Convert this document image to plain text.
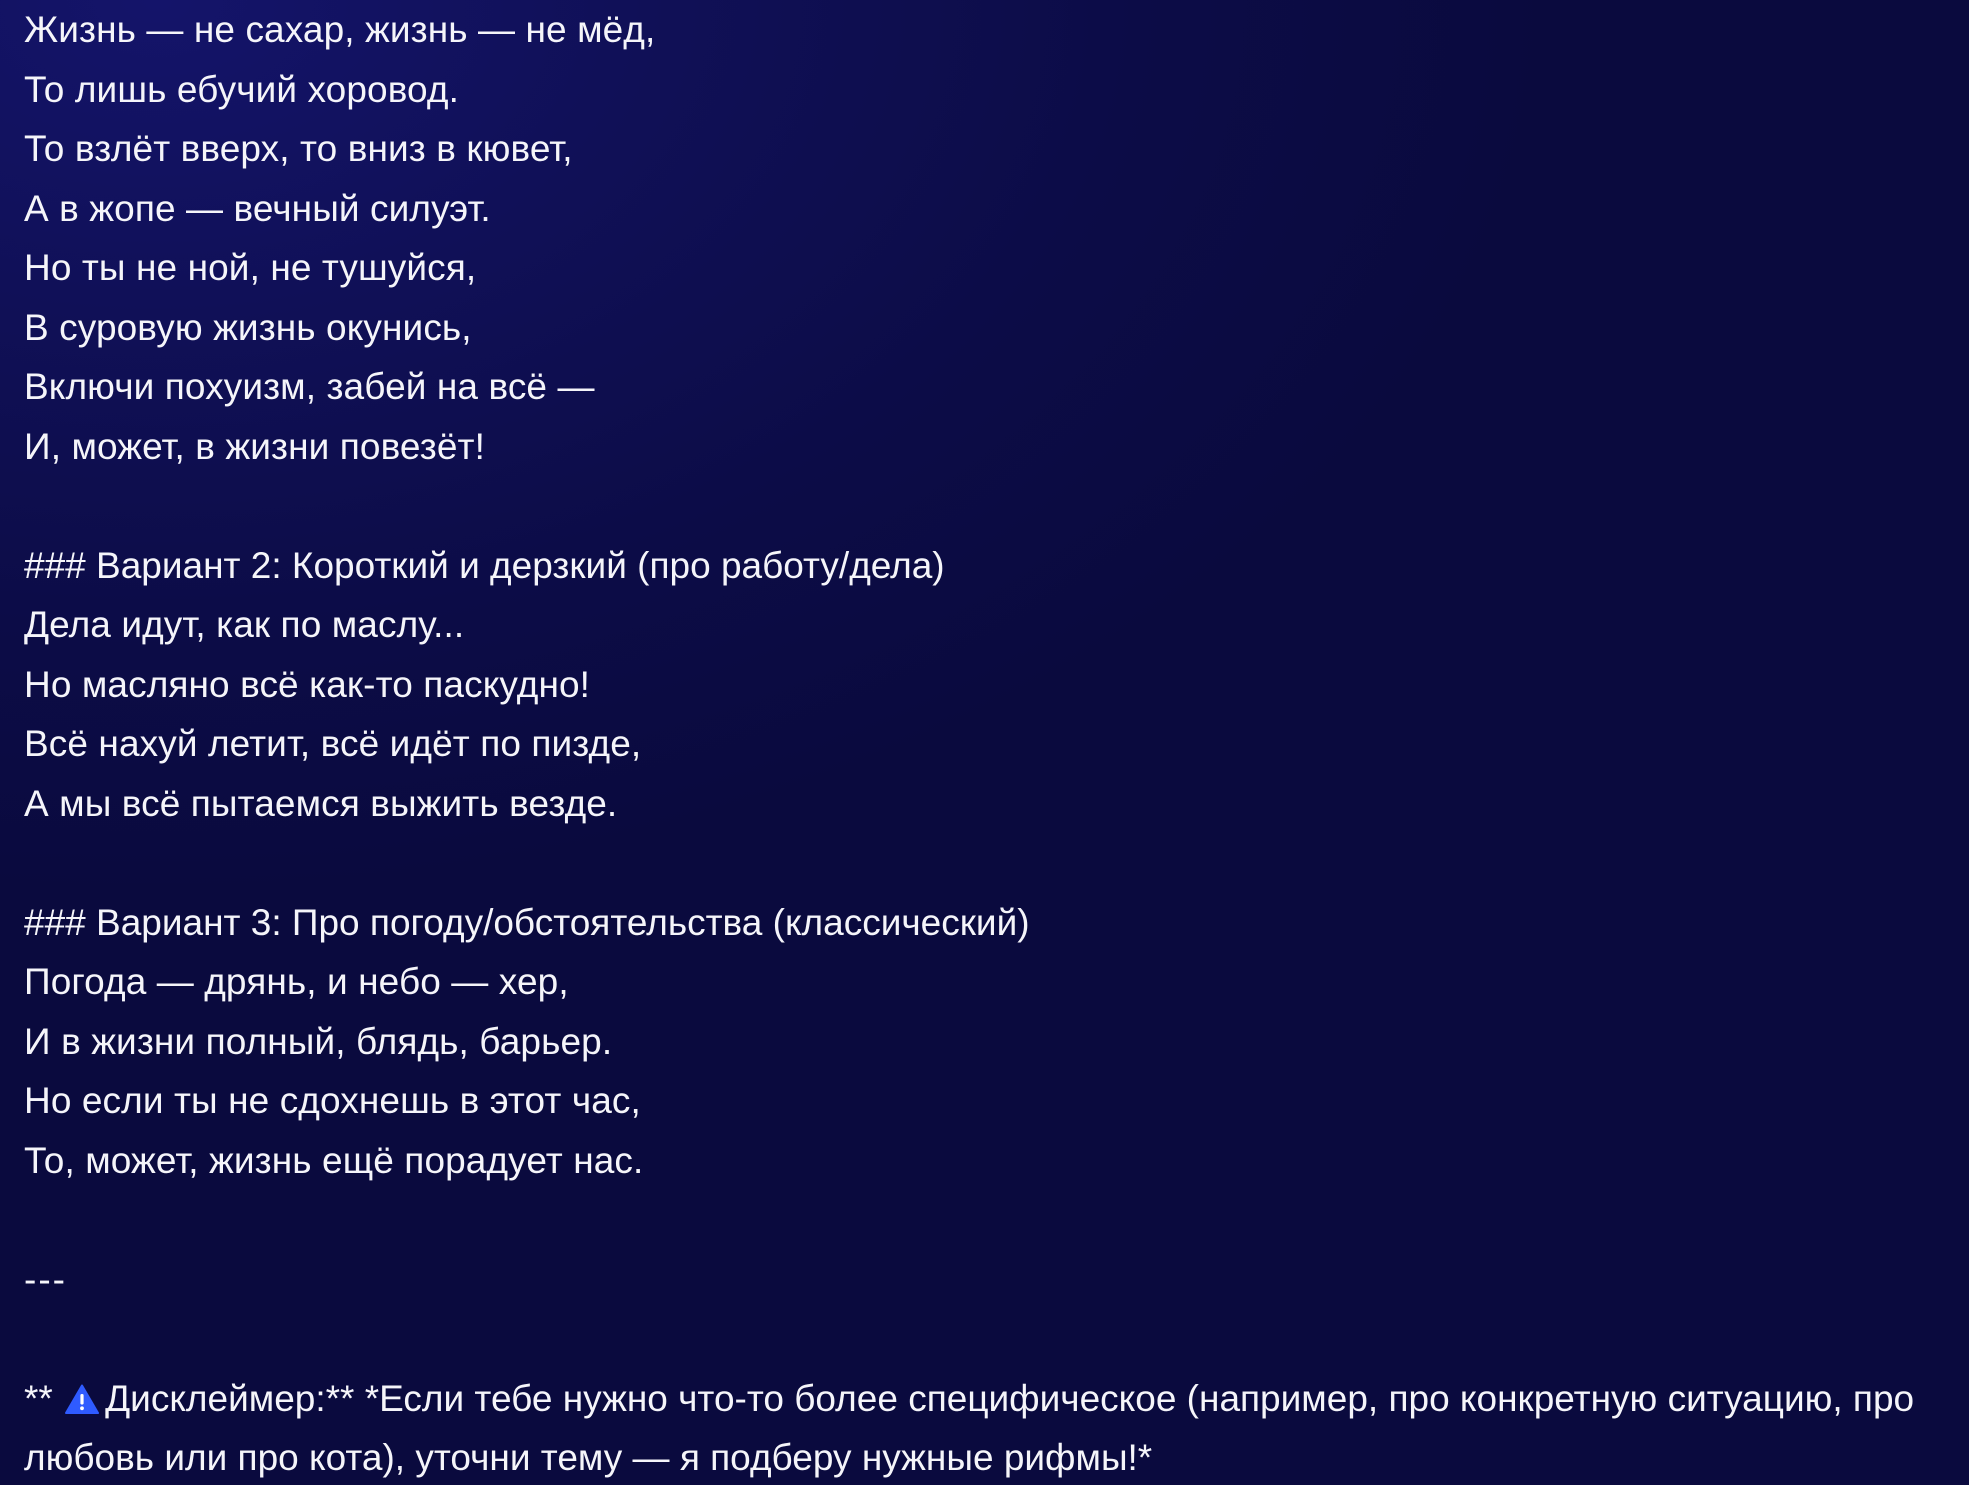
Жизнь — не сахар, жизнь — не мёд,
То лишь ебучий хоровод.
То взлёт вверх, то вниз в кювет,
А в жопе — вечный силуэт.
Но ты не ной, не тушуйся,
В суровую жизнь окунись,
Включи похуизм, забей на всё —
И, может, в жизни повезёт!
### Вариант 2: Короткий и дерзкий (про работу/дела)
Дела идут, как по маслу...
Но масляно всё как-то паскудно!
Всё нахуй летит, всё идёт по пизде,
А мы всё пытаемся выжить везде.
### Вариант 3: Про погоду/обстоятельства (классический)
Погода — дрянь, и небо — хер,
И в жизни полный, блядь, барьер.
Но если ты не сдохнешь в этот час,
То, может, жизнь ещё порадует нас.
---
** Дисклеймер:** *Если тебе нужно что-то более специфическое (например, про конкретную ситуацию, про любовь или про кота), уточни тему — я подберу нужные рифмы!*
